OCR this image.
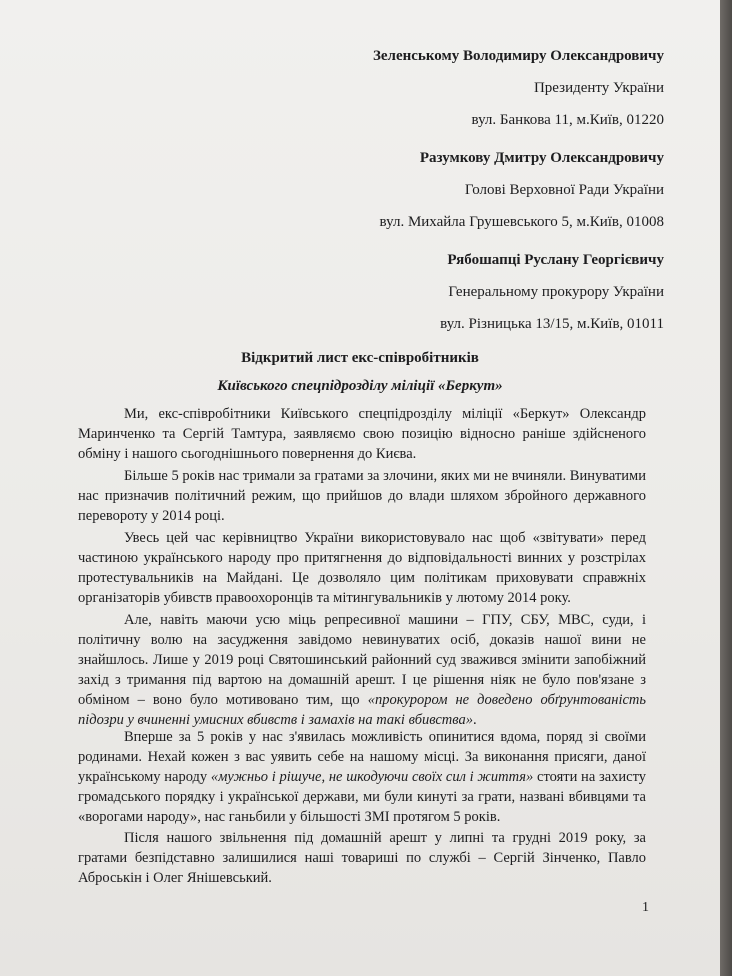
Зеленському Володимиру Олександровичу
Президенту України
вул. Банкова 11, м.Київ, 01220
Разумкову Дмитру Олександровичу
Голові Верховної Ради України
вул. Михайла Грушевського 5, м.Київ, 01008
Рябошапці Руслану Георгієвичу
Генеральному прокурору України
вул. Різницька 13/15, м.Київ, 01011
Відкритий лист екс-співробітників
Київського спецпідрозділу міліції «Беркут»
Ми, екс-співробітники Київського спецпідрозділу міліції «Беркут» Олександр Маринченко та Сергій Тамтура, заявляємо свою позицію відносно раніше здійсненого обміну і нашого сьогоднішнього повернення до Києва.
Більше 5 років нас тримали за гратами за злочини, яких ми не вчиняли. Винуватими нас призначив політичний режим, що прийшов до влади шляхом збройного державного перевороту у 2014 році.
Увесь цей час керівництво України використовувало нас щоб «звітувати» перед частиною українського народу про притягнення до відповідальності винних у розстрілах протестувальників на Майдані. Це дозволяло цим політикам приховувати справжніх організаторів убивств правоохоронців та мітингувальників у лютому 2014 року.
Але, навіть маючи усю міць репресивної машини – ГПУ, СБУ, МВС, суди, і політичну волю на засудження завідомо невинуватих осіб, доказів нашої вини не знайшлось. Лише у 2019 році Святошинський районний суд зважився змінити запобіжний захід з тримання під вартою на домашній арешт. І це рішення ніяк не було пов'язане з обміном – воно було мотивовано тим, що «прокурором не доведено обґрунтованість підозри у вчиненні умисних вбивств і замахів на такі вбивства».
Вперше за 5 років у нас з'явилась можливість опинитися вдома, поряд зі своїми родинами. Нехай кожен з вас уявить себе на нашому місці. За виконання присяги, даної українському народу «мужньо і рішуче, не шкодуючи своїх сил і життя» стояти на захисту громадського порядку і української держави, ми були кинуті за грати, названі вбивцями та «ворогами народу», нас ганьбили у більшості ЗМІ протягом 5 років.
Після нашого звільнення під домашній арешт у липні та грудні 2019 року, за гратами безпідставно залишилися наші товариші по службі – Сергій Зінченко, Павло Аброськін і Олег Янішевський.
1
